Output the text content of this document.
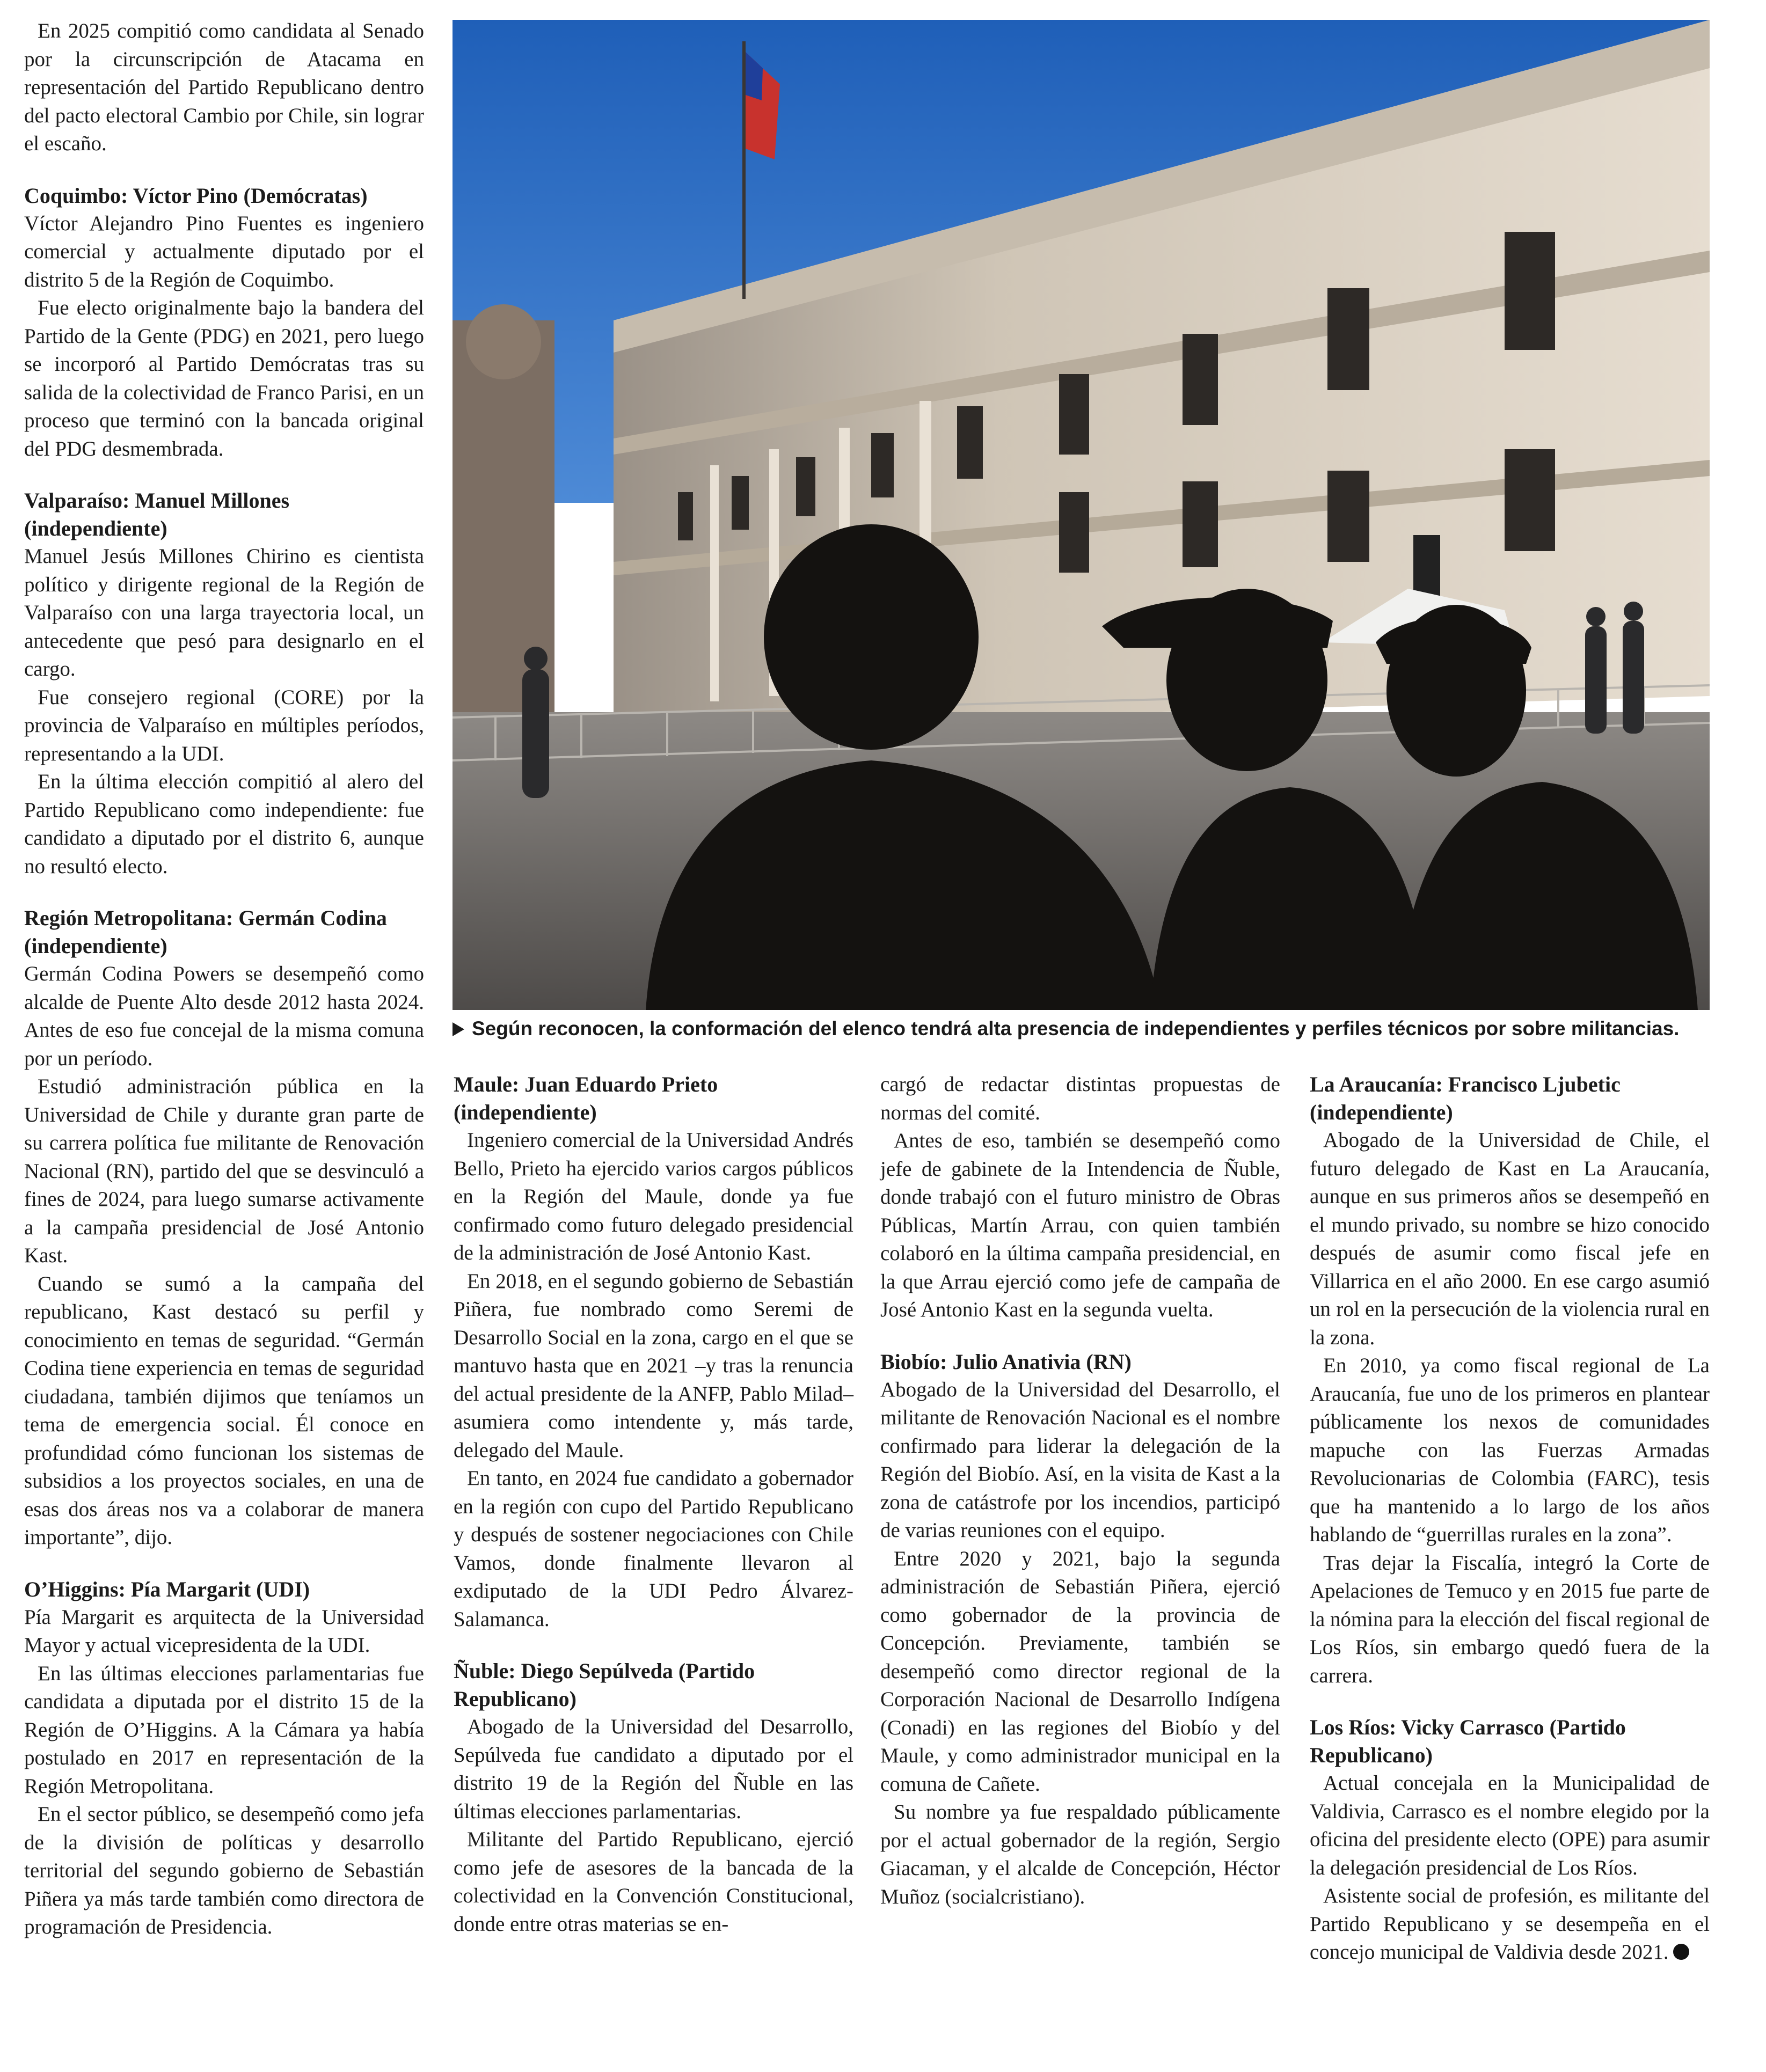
En 2025 compitió como candidata al Senado por la circunscripción de Atacama en representación del Partido Republicano dentro del pacto electoral Cambio por Chile, sin lograr el escaño.

Coquimbo: Víctor Pino (Demócratas)

Víctor Alejandro Pino Fuentes es ingeniero comercial y actualmente diputado por el distrito 5 de la Región de Coquimbo.

Fue electo originalmente bajo la bandera del Partido de la Gente (PDG) en 2021, pero luego se incorporó al Partido Demócratas tras su salida de la colectividad de Franco Parisi, en un proceso que terminó con la bancada original del PDG desmembrada.

Valparaíso: Manuel Millones (independiente)

Manuel Jesús Millones Chirino es cientista político y dirigente regional de la Región de Valparaíso con una larga trayectoria local, un antecedente que pesó para designarlo en el cargo.

Fue consejero regional (CORE) por la provincia de Valparaíso en múltiples períodos, representando a la UDI.

En la última elección compitió al alero del Partido Republicano como independiente: fue candidato a diputado por el distrito 6, aunque no resultó electo.

Región Metropolitana: Germán Codina (independiente)

Germán Codina Powers se desempeñó como alcalde de Puente Alto desde 2012 hasta 2024. Antes de eso fue concejal de la misma comuna por un período.

Estudió administración pública en la Universidad de Chile y durante gran parte de su carrera política fue militante de Renovación Nacional (RN), partido del que se desvinculó a fines de 2024, para luego sumarse activamente a la campaña presidencial de José Antonio Kast.

Cuando se sumó a la campaña del republicano, Kast destacó su perfil y conocimiento en temas de seguridad. “Germán Codina tiene experiencia en temas de seguridad ciudadana, también dijimos que teníamos un tema de emergencia social. Él conoce en profundidad cómo funcionan los sistemas de subsidios a los proyectos sociales, en una de esas dos áreas nos va a colaborar de manera importante”, dijo.

O’Higgins: Pía Margarit (UDI)

Pía Margarit es arquitecta de la Universidad Mayor y actual vicepresidenta de la UDI.

En las últimas elecciones parlamentarias fue candidata a diputada por el distrito 15 de la Región de O’Higgins. A la Cámara ya había postulado en 2017 en representación de la Región Metropolitana.

En el sector público, se desempeñó como jefa de la división de políticas y desarrollo territorial del segundo gobierno de Sebastián Piñera ya más tarde también como directora de programación de Presidencia.

Según reconocen, la conformación del elenco tendrá alta presencia de independientes y perfiles técnicos por sobre militancias.
Maule: Juan Eduardo Prieto (independiente)

Ingeniero comercial de la Universidad Andrés Bello, Prieto ha ejercido varios cargos públicos en la Región del Maule, donde ya fue confirmado como futuro delegado presidencial de la administración de José Antonio Kast.

En 2018, en el segundo gobierno de Sebastián Piñera, fue nombrado como Seremi de Desarrollo Social en la zona, cargo en el que se mantuvo hasta que en 2021 –y tras la renuncia del actual presidente de la ANFP, Pablo Milad– asumiera como intendente y, más tarde, delegado del Maule.

En tanto, en 2024 fue candidato a gobernador en la región con cupo del Partido Republicano y después de sostener negociaciones con Chile Vamos, donde finalmente llevaron al exdiputado de la UDI Pedro Álvarez-Salamanca.

Ñuble: Diego Sepúlveda (Partido Republicano)

Abogado de la Universidad del Desarrollo, Sepúlveda fue candidato a diputado por el distrito 19 de la Región del Ñuble en las últimas elecciones parlamentarias.

Militante del Partido Republicano, ejerció como jefe de asesores de la bancada de la colectividad en la Convención Constitucional, donde entre otras materias se en-

cargó de redactar distintas propuestas de normas del comité.

Antes de eso, también se desempeñó como jefe de gabinete de la Intendencia de Ñuble, donde trabajó con el futuro ministro de Obras Públicas, Martín Arrau, con quien también colaboró en la última campaña presidencial, en la que Arrau ejerció como jefe de campaña de José Antonio Kast en la segunda vuelta.

Biobío: Julio Anativia (RN)

Abogado de la Universidad del Desarrollo, el militante de Renovación Nacional es el nombre confirmado para liderar la delegación de la Región del Biobío. Así, en la visita de Kast a la zona de catástrofe por los incendios, participó de varias reuniones con el equipo.

Entre 2020 y 2021, bajo la segunda administración de Sebastián Piñera, ejerció como gobernador de la provincia de Concepción. Previamente, también se desempeñó como director regional de la Corporación Nacional de Desarrollo Indígena (Conadi) en las regiones del Biobío y del Maule, y como administrador municipal en la comuna de Cañete.

Su nombre ya fue respaldado públicamente por el actual gobernador de la región, Sergio Giacaman, y el alcalde de Concepción, Héctor Muñoz (socialcristiano).

La Araucanía: Francisco Ljubetic (independiente)

Abogado de la Universidad de Chile, el futuro delegado de Kast en La Araucanía, aunque en sus primeros años se desempeñó en el mundo privado, su nombre se hizo conocido después de asumir como fiscal jefe en Villarrica en el año 2000. En ese cargo asumió un rol en la persecución de la violencia rural en la zona.

En 2010, ya como fiscal regional de La Araucanía, fue uno de los primeros en plantear públicamente los nexos de comunidades mapuche con las Fuerzas Armadas Revolucionarias de Colombia (FARC), tesis que ha mantenido a lo largo de los años hablando de “guerrillas rurales en la zona”.

Tras dejar la Fiscalía, integró la Corte de Apelaciones de Temuco y en 2015 fue parte de la nómina para la elección del fiscal regional de Los Ríos, sin embargo quedó fuera de la carrera.

Los Ríos: Vicky Carrasco (Partido Republicano)

Actual concejala en la Municipalidad de Valdivia, Carrasco es el nombre elegido por la oficina del presidente electo (OPE) para asumir la delegación presidencial de Los Ríos.

Asistente social de profesión, es militante del Partido Republicano y se desempeña en el concejo municipal de Valdivia desde 2021.
